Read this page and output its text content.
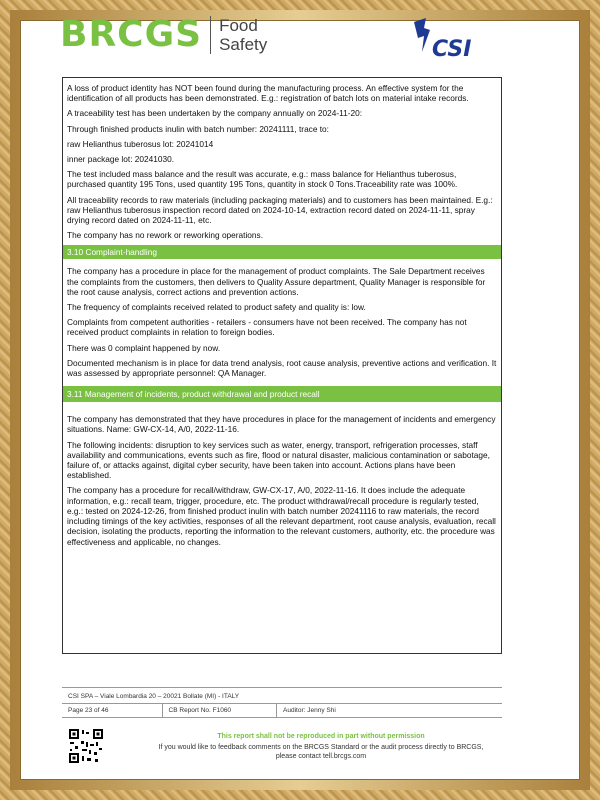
BRCGS Food
Safety	CSI

A loss of product identity has NOT been found during the manufacturing process. An effective system for the identification of all products has been demonstrated. E.g.: registration of batch lots on material intake records.

A traceability test has been undertaken by the company annually on 2024-11-20:

Through finished products inulin with batch number: 20241111, trace to:

raw Helianthus tuberosus lot: 20241014

inner package lot: 20241030.

The test included mass balance and the result was accurate, e.g.: mass balance for Helianthus tuberosus, purchased quantity 195 Tons, used quantity 195 Tons, quantity in stock 0 Tons.Traceability rate was 100%.

All traceability records to raw materials (including packaging materials) and to customers has been maintained. E.g.: raw Helianthus tuberosus inspection record dated on 2024-10-14, extraction record dated on 2024-11-11, spray drying record dated on 2024-11-11, etc.

The company has no rework or reworking operations.

3.10 Complaint-handling

The company has a procedure in place for the management of product complaints. The Sale Department receives the complaints from the customers, then delivers to Quality Assure department, Quality Manager is responsible for the root cause analysis, correct actions and prevention actions.

The frequency of complaints received related to product safety and quality is: low.

Complaints from competent authorities - retailers - consumers have not been received. The company has not received product complaints in relation to foreign bodies.

There was 0 complaint happened by now.

Documented mechanism is in place for data trend analysis, root cause analysis, preventive actions and verification. It was assessed by appropriate personnel: QA Manager.

3.11 Management of incidents, product withdrawal and product recall

The company has demonstrated that they have procedures in place for the management of incidents and emergency situations. Name: GW-CX-14, A/0, 2022-11-16.

The following incidents: disruption to key services such as water, energy, transport, refrigeration processes, staff availability and communications, events such as fire, flood or natural disaster, malicious contamination or sabotage, failure of, or attacks against, digital cyber security, have been taken into account. Actions plans have been established.

The company has a procedure for recall/withdraw, GW-CX-17, A/0, 2022-11-16. It does include the adequate information, e.g.: recall team, trigger, procedure, etc. The product withdrawal/recall procedure is regularly tested, e.g.: tested on 2024-12-26, from finished product inulin with batch number 20241116 to raw materials, the record including timings of the key activities, responses of all the relevant department, root cause analysis, evaluation, recall decision, isolating the products, reporting the information to the relevant customers, authority, etc. the procedure was effectiveness and applicable, no changes.

CSI SPA – Viale Lombardia 20 – 20021 Bollate (MI) - ITALY
Page 23 of 46	CB Report No. F1060	Auditor: Jenny Shi
This report shall not be reproduced in part without permission
If you would like to feedback comments on the BRCGS Standard or the audit process directly to BRCGS,
please contact tell.brcgs.com
